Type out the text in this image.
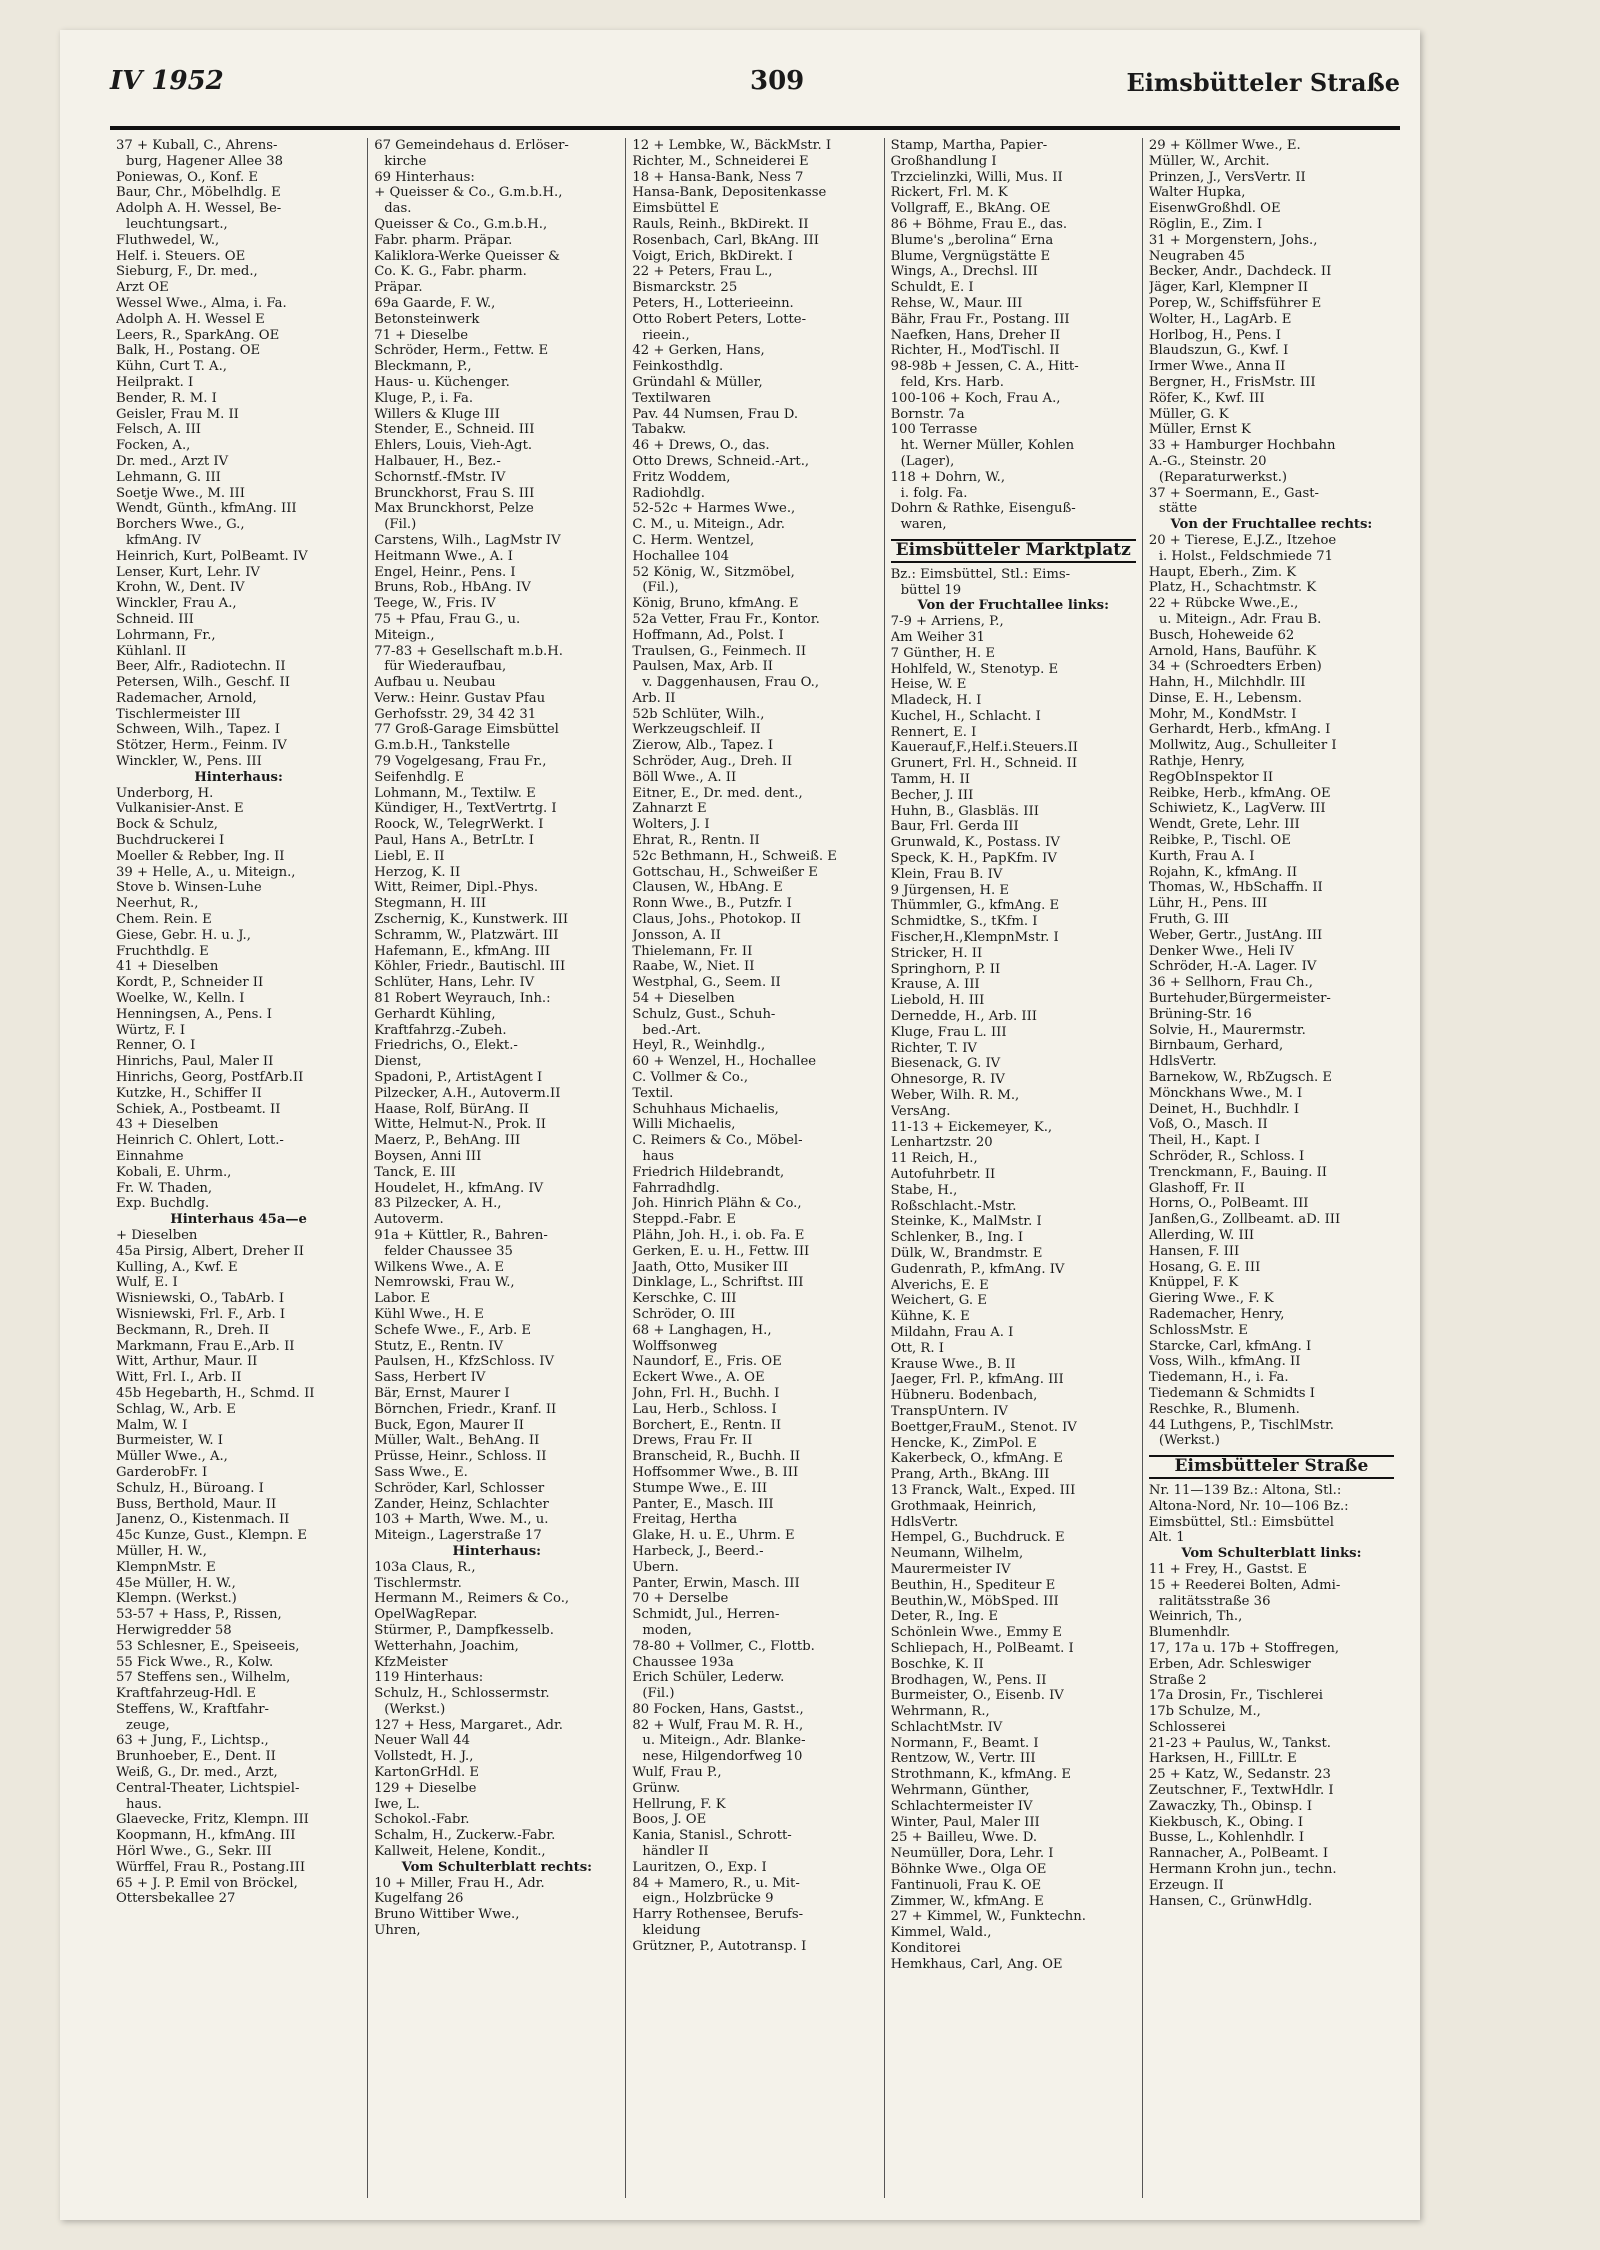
IV 1952	309	Eimsbütteler Straße
37 + Kuball, C., Ahrens-
burg, Hagener Allee 38
Poniewas, O., Konf. E
Baur, Chr., Möbelhdlg. E
Adolph A. H. Wessel, Be-
leuchtungsart.,
Fluthwedel, W.,
Helf. i. Steuers. OE
Sieburg, F., Dr. med.,
Arzt OE
Wessel Wwe., Alma, i. Fa.
Adolph A. H. Wessel E
Leers, R., SparkAng. OE
Balk, H., Postang. OE
Kühn, Curt T. A.,
Heilprakt. I
Bender, R. M. I
Geisler, Frau M. II
Felsch, A. III
Focken, A.,
Dr. med., Arzt IV
Lehmann, G. III
Soetje Wwe., M. III
Wendt, Günth., kfmAng. III
Borchers Wwe., G.,
kfmAng. IV
Heinrich, Kurt, PolBeamt. IV
Lenser, Kurt, Lehr. IV
Krohn, W., Dent. IV
Winckler, Frau A.,
Schneid. III
Lohrmann, Fr.,
Kühlanl. II
Beer, Alfr., Radiotechn. II
Petersen, Wilh., Geschf. II
Rademacher, Arnold,
Tischlermeister III
Schween, Wilh., Tapez. I
Stötzer, Herm., Feinm. IV
Winckler, W., Pens. III
Hinterhaus:
Underborg, H.
Vulkanisier-Anst. E
Bock & Schulz,
Buchdruckerei I
Moeller & Rebber, Ing. II
39 + Helle, A., u. Miteign.,
Stove b. Winsen-Luhe
Neerhut, R.,
Chem. Rein. E
Giese, Gebr. H. u. J.,
Fruchthdlg. E
41 + Dieselben
Kordt, P., Schneider II
Woelke, W., Kelln. I
Henningsen, A., Pens. I
Würtz, F. I
Renner, O. I
Hinrichs, Paul, Maler II
Hinrichs, Georg, PostfArb.II
Kutzke, H., Schiffer II
Schiek, A., Postbeamt. II
43 + Dieselben
Heinrich C. Ohlert, Lott.-
Einnahme
Kobali, E. Uhrm.,
Fr. W. Thaden,
Exp. Buchdlg.
Hinterhaus 45a—e
+ Dieselben
45a Pirsig, Albert, Dreher II
Kulling, A., Kwf. E
Wulf, E. I
Wisniewski, O., TabArb. I
Wisniewski, Frl. F., Arb. I
Beckmann, R., Dreh. II
Markmann, Frau E.,Arb. II
Witt, Arthur, Maur. II
Witt, Frl. I., Arb. II
45b Hegebarth, H., Schmd. II
Schlag, W., Arb. E
Malm, W. I
Burmeister, W. I
Müller Wwe., A.,
GarderobFr. I
Schulz, H., Büroang. I
Buss, Berthold, Maur. II
Janenz, O., Kistenmach. II
45c Kunze, Gust., Klempn. E
Müller, H. W.,
KlempnMstr. E
45e Müller, H. W.,
Klempn. (Werkst.)
53-57 + Hass, P., Rissen,
Herwigredder 58
53 Schlesner, E., Speiseeis,
55 Fick Wwe., R., Kolw.
57 Steffens sen., Wilhelm,
Kraftfahrzeug-Hdl. E
Steffens, W., Kraftfahr-
zeuge,
63 + Jung, F., Lichtsp.,
Brunhoeber, E., Dent. II
Weiß, G., Dr. med., Arzt,
Central-Theater, Lichtspiel-
haus.
Glaevecke, Fritz, Klempn. III
Koopmann, H., kfmAng. III
Hörl Wwe., G., Sekr. III
Würffel, Frau R., Postang.III
65 + J. P. Emil von Bröckel,
Ottersbekallee 27
67 Gemeindehaus d. Erlöser-
kirche
69 Hinterhaus:
+ Queisser & Co., G.m.b.H.,
das.
Queisser & Co., G.m.b.H.,
Fabr. pharm. Präpar.
Kaliklora-Werke Queisser &
Co. K. G., Fabr. pharm.
Präpar.
69a Gaarde, F. W.,
Betonsteinwerk
71 + Dieselbe
Schröder, Herm., Fettw. E
Bleckmann, P.,
Haus- u. Küchenger.
Kluge, P., i. Fa.
Willers & Kluge III
Stender, E., Schneid. III
Ehlers, Louis, Vieh-Agt.
Halbauer, H., Bez.-
Schornstf.-fMstr. IV
Brunckhorst, Frau S. III
Max Brunckhorst, Pelze
(Fil.)
Carstens, Wilh., LagMstr IV
Heitmann Wwe., A. I
Engel, Heinr., Pens. I
Bruns, Rob., HbAng. IV
Teege, W., Fris. IV
75 + Pfau, Frau G., u.
Miteign.,
77-83 + Gesellschaft m.b.H.
für Wiederaufbau,
Aufbau u. Neubau
Verw.: Heinr. Gustav Pfau
Gerhofsstr. 29, 34 42 31
77 Groß-Garage Eimsbüttel
G.m.b.H., Tankstelle
79 Vogelgesang, Frau Fr.,
Seifenhdlg. E
Lohmann, M., Textilw. E
Kündiger, H., TextVertrtg. I
Roock, W., TelegrWerkt. I
Paul, Hans A., BetrLtr. I
Liebl, E. II
Herzog, K. II
Witt, Reimer, Dipl.-Phys.
Stegmann, H. III
Zschernig, K., Kunstwerk. III
Schramm, W., Platzwärt. III
Hafemann, E., kfmAng. III
Köhler, Friedr., Bautischl. III
Schlüter, Hans, Lehr. IV
81 Robert Weyrauch, Inh.:
Gerhardt Kühling,
Kraftfahrzg.-Zubeh.
Friedrichs, O., Elekt.-
Dienst,
Spadoni, P., ArtistAgent I
Pilzecker, A.H., Autoverm.II
Haase, Rolf, BürAng. II
Witte, Helmut-N., Prok. II
Maerz, P., BehAng. III
Boysen, Anni III
Tanck, E. III
Houdelet, H., kfmAng. IV
83 Pilzecker, A. H.,
Autoverm.
91a + Küttler, R., Bahren-
felder Chaussee 35
Wilkens Wwe., A. E
Nemrowski, Frau W.,
Labor. E
Kühl Wwe., H. E
Schefe Wwe., F., Arb. E
Stutz, E., Rentn. IV
Paulsen, H., KfzSchloss. IV
Sass, Herbert IV
Bär, Ernst, Maurer I
Börnchen, Friedr., Kranf. II
Buck, Egon, Maurer II
Müller, Walt., BehAng. II
Prüsse, Heinr., Schloss. II
Sass Wwe., E.
Schröder, Karl, Schlosser
Zander, Heinz, Schlachter
103 + Marth, Wwe. M., u.
Miteign., Lagerstraße 17
Hinterhaus:
103a Claus, R.,
Tischlermstr.
Hermann M., Reimers & Co.,
OpelWagRepar.
Stürmer, P., Dampfkesselb.
Wetterhahn, Joachim,
KfzMeister
119 Hinterhaus:
Schulz, H., Schlossermstr.
(Werkst.)
127 + Hess, Margaret., Adr.
Neuer Wall 44
Vollstedt, H. J.,
KartonGrHdl. E
129 + Dieselbe
Iwe, L.
Schokol.-Fabr.
Schalm, H., Zuckerw.-Fabr.
Kallweit, Helene, Kondit.,
Vom Schulterblatt rechts:
10 + Miller, Frau H., Adr.
Kugelfang 26
Bruno Wittiber Wwe.,
Uhren,
12 + Lembke, W., BäckMstr. I
Richter, M., Schneiderei E
18 + Hansa-Bank, Ness 7
Hansa-Bank, Depositenkasse
Eimsbüttel E
Rauls, Reinh., BkDirekt. II
Rosenbach, Carl, BkAng. III
Voigt, Erich, BkDirekt. I
22 + Peters, Frau L.,
Bismarckstr. 25
Peters, H., Lotterieeinn.
Otto Robert Peters, Lotte-
rieein.,
42 + Gerken, Hans,
Feinkosthdlg.
Gründahl & Müller,
Textilwaren
Pav. 44 Numsen, Frau D.
Tabakw.
46 + Drews, O., das.
Otto Drews, Schneid.-Art.,
Fritz Woddem,
Radiohdlg.
52-52c + Harmes Wwe.,
C. M., u. Miteign., Adr.
C. Herm. Wentzel,
Hochallee 104
52 König, W., Sitzmöbel,
(Fil.),
König, Bruno, kfmAng. E
52a Vetter, Frau Fr., Kontor.
Hoffmann, Ad., Polst. I
Traulsen, G., Feinmech. II
Paulsen, Max, Arb. II
v. Daggenhausen, Frau O.,
Arb. II
52b Schlüter, Wilh.,
Werkzeugschleif. II
Zierow, Alb., Tapez. I
Schröder, Aug., Dreh. II
Böll Wwe., A. II
Eitner, E., Dr. med. dent.,
Zahnarzt E
Wolters, J. I
Ehrat, R., Rentn. II
52c Bethmann, H., Schweiß. E
Gottschau, H., Schweißer E
Clausen, W., HbAng. E
Ronn Wwe., B., Putzfr. I
Claus, Johs., Photokop. II
Jonsson, A. II
Thielemann, Fr. II
Raabe, W., Niet. II
Westphal, G., Seem. II
54 + Dieselben
Schulz, Gust., Schuh-
bed.-Art.
Heyl, R., Weinhdlg.,
60 + Wenzel, H., Hochallee
C. Vollmer & Co.,
Textil.
Schuhhaus Michaelis,
Willi Michaelis,
C. Reimers & Co., Möbel-
haus
Friedrich Hildebrandt,
Fahrradhdlg.
Joh. Hinrich Plähn & Co.,
Steppd.-Fabr. E
Plähn, Joh. H., i. ob. Fa. E
Gerken, E. u. H., Fettw. III
Jaath, Otto, Musiker III
Dinklage, L., Schriftst. III
Kerschke, C. III
Schröder, O. III
68 + Langhagen, H.,
Wolffsonweg
Naundorf, E., Fris. OE
Eckert Wwe., A. OE
John, Frl. H., Buchh. I
Lau, Herb., Schloss. I
Borchert, E., Rentn. II
Drews, Frau Fr. II
Branscheid, R., Buchh. II
Hoffsommer Wwe., B. III
Stumpe Wwe., E. III
Panter, E., Masch. III
Freitag, Hertha
Glake, H. u. E., Uhrm. E
Harbeck, J., Beerd.-
Übern.
Panter, Erwin, Masch. III
70 + Derselbe
Schmidt, Jul., Herren-
moden,
78-80 + Vollmer, C., Flottb.
Chaussee 193a
Erich Schüler, Lederw.
(Fil.)
80 Focken, Hans, Gastst.,
82 + Wulf, Frau M. R. H.,
u. Miteign., Adr. Blanke-
nese, Hilgendorfweg 10
Wulf, Frau P.,
Grünw.
Hellrung, F. K
Boos, J. OE
Kania, Stanisl., Schrott-
händler II
Lauritzen, O., Exp. I
84 + Mamero, R., u. Mit-
eign., Holzbrücke 9
Harry Rothensee, Berufs-
kleidung
Grützner, P., Autotransp. I
Stamp, Martha, Papier-
Großhandlung I
Trzcielinzki, Willi, Mus. II
Rickert, Frl. M. K
Vollgraff, E., BkAng. OE
86 + Böhme, Frau E., das.
Blume's „berolina“ Erna
Blume, Vergnügstätte E
Wings, A., Drechsl. III
Schuldt, E. I
Rehse, W., Maur. III
Bähr, Frau Fr., Postang. III
Naefken, Hans, Dreher II
Richter, H., ModTischl. II
98-98b + Jessen, C. A., Hitt-
feld, Krs. Harb.
100-106 + Koch, Frau A.,
Bornstr. 7a
100 Terrasse
ht. Werner Müller, Kohlen
(Lager),
118 + Dohrn, W.,
i. folg. Fa.
Dohrn & Rathke, Eisenguß-
waren,
Eimsbütteler Marktplatz
Bz.: Eimsbüttel, Stl.: Eims-
büttel 19
Von der Fruchtallee links:
7-9 + Arriens, P.,
Am Weiher 31
7 Günther, H. E
Hohlfeld, W., Stenotyp. E
Heise, W. E
Mladeck, H. I
Kuchel, H., Schlacht. I
Rennert, E. I
Kauerauf,F.,Helf.i.Steuers.II
Grunert, Frl. H., Schneid. II
Tamm, H. II
Becher, J. III
Huhn, B., Glasbläs. III
Baur, Frl. Gerda III
Grunwald, K., Postass. IV
Speck, K. H., PapKfm. IV
Klein, Frau B. IV
9 Jürgensen, H. E
Thümmler, G., kfmAng. E
Schmidtke, S., tKfm. I
Fischer,H.,KlempnMstr. I
Stricker, H. II
Springhorn, P. II
Krause, A. III
Liebold, H. III
Dernedde, H., Arb. III
Kluge, Frau L. III
Richter, T. IV
Biesenack, G. IV
Ohnesorge, R. IV
Weber, Wilh. R. M.,
VersAng.
11-13 + Eickemeyer, K.,
Lenhartzstr. 20
11 Reich, H.,
Autofuhrbetr. II
Stabe, H.,
Roßschlacht.-Mstr.
Steinke, K., MalMstr. I
Schlenker, B., Ing. I
Dülk, W., Brandmstr. E
Gudenrath, P., kfmAng. IV
Alverichs, E. E
Weichert, G. E
Kühne, K. E
Mildahn, Frau A. I
Ott, R. I
Krause Wwe., B. II
Jaeger, Frl. P., kfmAng. III
Hübneru. Bodenbach,
TranspUntern. IV
Boettger,FrauM., Stenot. IV
Hencke, K., ZimPol. E
Kakerbeck, O., kfmAng. E
Prang, Arth., BkAng. III
13 Franck, Walt., Exped. III
Grothmaak, Heinrich,
HdlsVertr.
Hempel, G., Buchdruck. E
Neumann, Wilhelm,
Maurermeister IV
Beuthin, H., Spediteur E
Beuthin,W., MöbSped. III
Deter, R., Ing. E
Schönlein Wwe., Emmy E
Schliepach, H., PolBeamt. I
Boschke, K. II
Brodhagen, W., Pens. II
Burmeister, O., Eisenb. IV
Wehrmann, R.,
SchlachtMstr. IV
Normann, F., Beamt. I
Rentzow, W., Vertr. III
Strothmann, K., kfmAng. E
Wehrmann, Günther,
Schlachtermeister IV
Winter, Paul, Maler III
25 + Bailleu, Wwe. D.
Neumüller, Dora, Lehr. I
Böhnke Wwe., Olga OE
Fantinuoli, Frau K. OE
Zimmer, W., kfmAng. E
27 + Kimmel, W., Funktechn.
Kimmel, Wald.,
Konditorei
Hemkhaus, Carl, Ang. OE
29 + Köllmer Wwe., E.
Müller, W., Archit.
Prinzen, J., VersVertr. II
Walter Hupka,
EisenwGroßhdl. OE
Röglin, E., Zim. I
31 + Morgenstern, Johs.,
Neugraben 45
Becker, Andr., Dachdeck. II
Jäger, Karl, Klempner II
Porep, W., Schiffsführer E
Wolter, H., LagArb. E
Horlbog, H., Pens. I
Blaudszun, G., Kwf. I
Irmer Wwe., Anna II
Bergner, H., FrisMstr. III
Röfer, K., Kwf. III
Müller, G. K
Müller, Ernst K
33 + Hamburger Hochbahn
A.-G., Steinstr. 20
(Reparaturwerkst.)
37 + Soermann, E., Gast-
stätte
Von der Fruchtallee rechts:
20 + Tierese, E.J.Z., Itzehoe
i. Holst., Feldschmiede 71
Haupt, Eberh., Zim. K
Platz, H., Schachtmstr. K
22 + Rübcke Wwe.,E.,
u. Miteign., Adr. Frau B.
Busch, Hoheweide 62
Arnold, Hans, Bauführ. K
34 + (Schroedters Erben)
Hahn, H., Milchhdlr. III
Dinse, E. H., Lebensm.
Mohr, M., KondMstr. I
Gerhardt, Herb., kfmAng. I
Mollwitz, Aug., Schulleiter I
Rathje, Henry,
RegObInspektor II
Reibke, Herb., kfmAng. OE
Schiwietz, K., LagVerw. III
Wendt, Grete, Lehr. III
Reibke, P., Tischl. OE
Kurth, Frau A. I
Rojahn, K., kfmAng. II
Thomas, W., HbSchaffn. II
Lühr, H., Pens. III
Fruth, G. III
Weber, Gertr., JustAng. III
Denker Wwe., Heli IV
Schröder, H.-A. Lager. IV
36 + Sellhorn, Frau Ch.,
Burtehuder,Bürgermeister-
Brüning-Str. 16
Solvie, H., Maurermstr.
Birnbaum, Gerhard,
HdlsVertr.
Barnekow, W., RbZugsch. E
Mönckhans Wwe., M. I
Deinet, H., Buchhdlr. I
Voß, O., Masch. II
Theil, H., Kapt. I
Schröder, R., Schloss. I
Trenckmann, F., Bauing. II
Glashoff, Fr. II
Horns, O., PolBeamt. III
Janßen,G., Zollbeamt. aD. III
Allerding, W. III
Hansen, F. III
Hosang, G. E. III
Knüppel, F. K
Giering Wwe., F. K
Rademacher, Henry,
SchlossMstr. E
Starcke, Carl, kfmAng. I
Voss, Wilh., kfmAng. II
Tiedemann, H., i. Fa.
Tiedemann & Schmidts I
Reschke, R., Blumenh.
44 Luthgens, P., TischlMstr.
(Werkst.)
Eimsbütteler Straße
Nr. 11—139 Bz.: Altona, Stl.:
Altona-Nord, Nr. 10—106 Bz.:
Eimsbüttel, Stl.: Eimsbüttel
Alt. 1
Vom Schulterblatt links:
11 + Frey, H., Gastst. E
15 + Reederei Bolten, Admi-
ralitätsstraße 36
Weinrich, Th.,
Blumenhdlr.
17, 17a u. 17b + Stoffregen,
Erben, Adr. Schleswiger
Straße 2
17a Drosin, Fr., Tischlerei
17b Schulze, M.,
Schlosserei
21-23 + Paulus, W., Tankst.
Harksen, H., FillLtr. E
25 + Katz, W., Sedanstr. 23
Zeutschner, F., TextwHdlr. I
Zawaczky, Th., Obinsp. I
Kiekbusch, K., Obing. I
Busse, L., Kohlenhdlr. I
Rannacher, A., PolBeamt. I
Hermann Krohn jun., techn.
Erzeugn. II
Hansen, C., GrünwHdlg.
